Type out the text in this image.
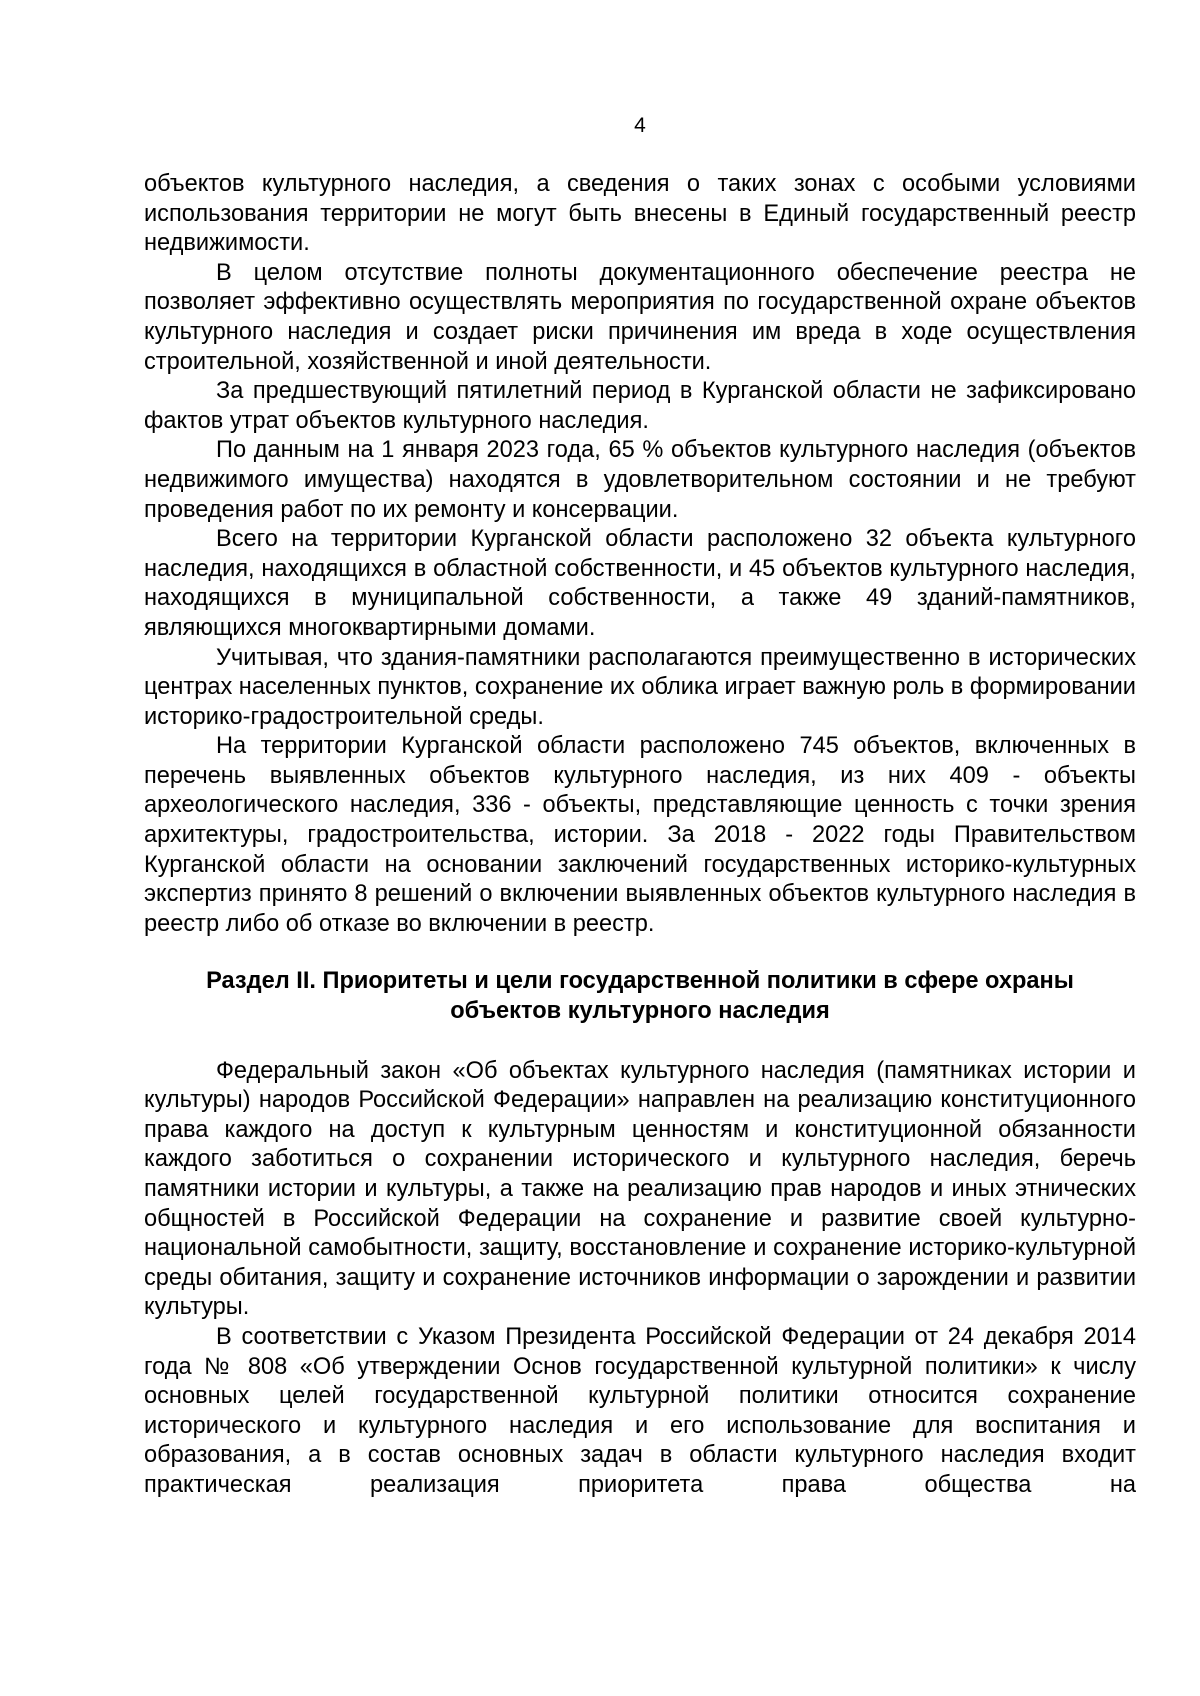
4

объектов культурного наследия, а сведения о таких зонах с особыми условиями использования территории не могут быть внесены в Единый государственный реестр недвижимости.

В целом отсутствие полноты документационного обеспечение реестра не позволяет эффективно осуществлять мероприятия по государственной охране объектов культурного наследия и создает риски причинения им вреда в ходе осуществления строительной, хозяйственной и иной деятельности.

За предшествующий пятилетний период в Курганской области не зафиксировано фактов утрат объектов культурного наследия.

По данным на 1 января 2023 года, 65 % объектов культурного наследия (объектов недвижимого имущества) находятся в удовлетворительном состоянии и не требуют проведения работ по их ремонту и консервации.

Всего на территории Курганской области расположено 32 объекта культурного наследия, находящихся в областной собственности, и 45 объектов культурного наследия, находящихся в муниципальной собственности, а также 49 зданий-памятников, являющихся многоквартирными домами.

Учитывая, что здания-памятники располагаются преимущественно в исторических центрах населенных пунктов, сохранение их облика играет важную роль в формировании историко-градостроительной среды.

На территории Курганской области расположено 745 объектов, включенных в перечень выявленных объектов культурного наследия, из них 409 - объекты археологического наследия, 336 - объекты, представляющие ценность с точки зрения архитектуры, градостроительства, истории. За 2018 - 2022 годы Правительством Курганской области на основании заключений государственных историко-культурных экспертиз принято 8 решений о включении выявленных объектов культурного наследия в реестр либо об отказе во включении в реестр.

Раздел II. Приоритеты и цели государственной политики в сфере охраны
объектов культурного наследия

Федеральный закон «Об объектах культурного наследия (памятниках истории и культуры) народов Российской Федерации» направлен на реализацию конституционного права каждого на доступ к культурным ценностям и конституционной обязанности каждого заботиться о сохранении исторического и культурного наследия, беречь памятники истории и культуры, а также на реализацию прав народов и иных этнических общностей в Российской Федерации на сохранение и развитие своей культурно-национальной самобытности, защиту, восстановление и сохранение историко-культурной среды обитания, защиту и сохранение источников информации о зарождении и развитии культуры.

В соответствии с Указом Президента Российской Федерации от 24 декабря 2014 года № 808 «Об утверждении Основ государственной культурной политики» к числу основных целей государственной культурной политики относится сохранение исторического и культурного наследия и его использование для воспитания и образования, а в состав основных задач в области культурного наследия входит практическая реализация приоритета права общества на
